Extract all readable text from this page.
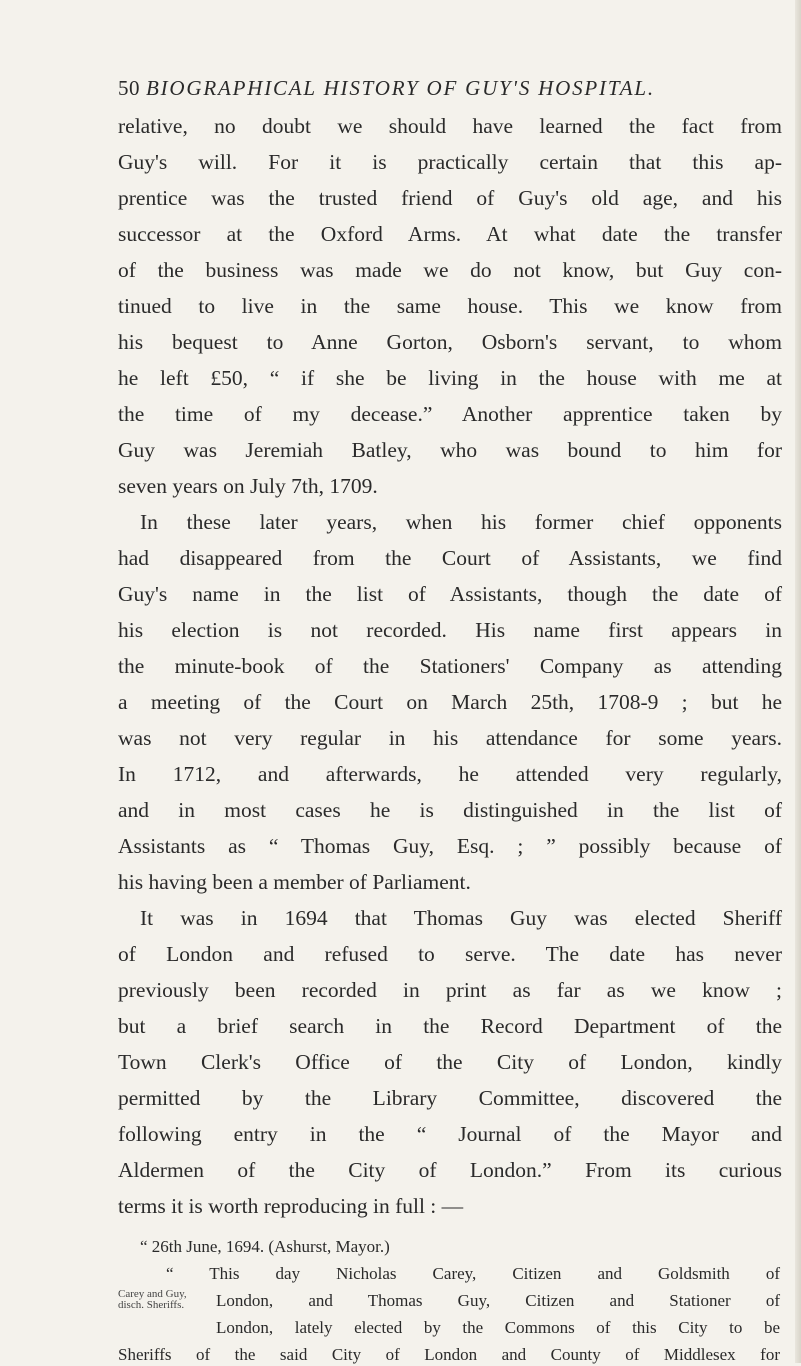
50 BIOGRAPHICAL HISTORY OF GUY'S HOSPITAL.
relative, no doubt we should have learned the fact from
Guy's will. For it is practically certain that this ap-
prentice was the trusted friend of Guy's old age, and his
successor at the Oxford Arms. At what date the transfer
of the business was made we do not know, but Guy con-
tinued to live in the same house. This we know from
his bequest to Anne Gorton, Osborn's servant, to whom
he left £50, “ if she be living in the house with me at
the time of my decease.” Another apprentice taken by
Guy was Jeremiah Batley, who was bound to him for
seven years on July 7th, 1709.
In these later years, when his former chief opponents
had disappeared from the Court of Assistants, we find
Guy's name in the list of Assistants, though the date of
his election is not recorded. His name first appears in
the minute-book of the Stationers' Company as attending
a meeting of the Court on March 25th, 1708-9 ; but he
was not very regular in his attendance for some years.
In 1712, and afterwards, he attended very regularly,
and in most cases he is distinguished in the list of
Assistants as “ Thomas Guy, Esq. ; ” possibly because of
his having been a member of Parliament.
It was in 1694 that Thomas Guy was elected Sheriff
of London and refused to serve. The date has never
previously been recorded in print as far as we know ;
but a brief search in the Record Department of the
Town Clerk's Office of the City of London, kindly
permitted by the Library Committee, discovered the
following entry in the “ Journal of the Mayor and
Aldermen of the City of London.” From its curious
terms it is worth reproducing in full : —
“ 26th June, 1694. (Ashurst, Mayor.)
“ This day Nicholas Carey, Citizen and Goldsmith of
London, and Thomas Guy, Citizen and Stationer of
London, lately elected by the Commons of this City to be
Sheriffs of the said City of London and County of Middlesex for
Carey and Guy,
disch. Sheriffs.
